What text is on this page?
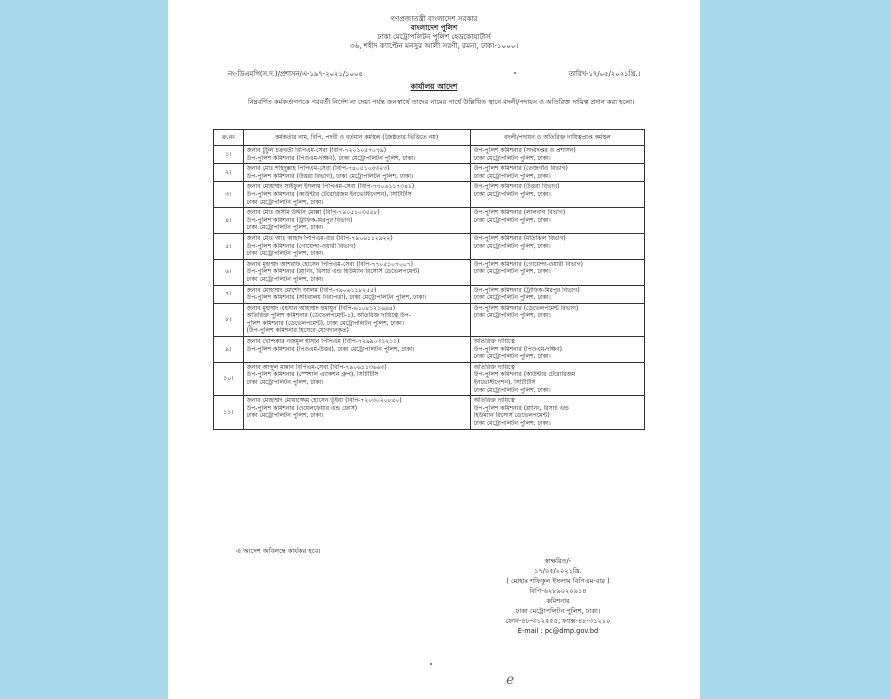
গণপ্রজাতন্ত্রী বাংলাদেশ সরকার
বাংলাদেশ পুলিশ
ঢাকা মেট্রোপলিটন পুলিশ হেডকোয়ার্টার্স
৩৬, শহীদ ক্যাপ্টেন মনসুর আলী সরণী, রমনা, ঢাকা-১০০০।
নং-ডিএমপি(স.দ.)/প্রশাসন/এ-১৯৭-২০২১/১০০৫	তারিখ-১৭/০৫/২০২১খ্রি.।
কার্যালয় আদেশ
নিম্নবর্ণিত কর্মকর্তাগণকে পরবর্তী নির্দেশ না দেয়া পর্যন্ত জনস্বার্থে তাদের নামের পার্শ্বে উল্লিখিত স্থানে বদলী/পদায়ন ও অতিরিক্ত দায়িত্ব প্রদান করা হলো।
ক্র.নং	কর্মকর্তার নাম, বিপি, পদবী ও বর্তমান কর্মস্থল (জৈষ্ঠতার ভিত্তিতে নয়)	বদলী/পদায়ন ও অতিরিক্ত দায়িত্বপ্রাপ্ত কর্মস্থল
১।	জনাব টুটুল চক্রবর্তী বিপিএম-সেবা (বিপি-৭২০১০৫৭০৭৯)
উপ-পুলিশ কমিশনার (পিওএম-দক্ষিণ), ঢাকা মেট্রোপলিটন পুলিশ, ঢাকা।	উপ-পুলিশ কমিশনার (সদরদপ্তর ও প্রশাসন)
ঢাকা মেট্রোপলিটন পুলিশ, ঢাকা।

২।	জনাব মোঃ শহিদুল্লাহ পিপিএম-সেবা (বিপি-৭৪০৫১০৩৩২৩)
উপ-পুলিশ কমিশনার (উত্তরা বিভাগ), ঢাকা মেট্রোপলিটন পুলিশ, ঢাকা।	উপ-পুলিশ কমিশনার (তেজগাঁও বিভাগ)
ঢাকা মেট্রোপলিটন পুলিশ, ঢাকা।

৩।	জনাব মোহাম্মদ সাইফুল ইসলাম পিপিএম-সেবা (বিপি-৭৭০৬১১৭৩৪১)
উপ-পুলিশ কমিশনার (কাউন্টার টেরোরিজম ইনভেস্টিগেশন), সিটিটিসি
ঢাকা মেট্রোপলিটন পুলিশ, ঢাকা।	উপ-পুলিশ কমিশনার (উত্তরা বিভাগ)
ঢাকা মেট্রোপলিটন পুলিশ, ঢাকা।

৪।	জনাব মোঃ জসীম উদ্দীন মোল্লা (বিপি-৭৯০৫১০৩৫৫৮)
উপ-পুলিশ কমিশনার (ট্রাফিক-মিরপুর বিভাগ)
ঢাকা মেট্রোপলিটন পুলিশ, ঢাকা।	উপ-পুলিশ কমিশনার (লালবাগ বিভাগ)
ঢাকা মেট্রোপলিটন পুলিশ, ঢাকা।

৫।	জনাব মোঃ আঃ আহাদ পিপিএম-বার (বিপি-৭৯০৬১১২৯২২)
উপ-পুলিশ কমিশনার (গোয়েন্দা-ওয়ারী বিভাগ)
ঢাকা মেট্রোপলিটন পুলিশ, ঢাকা।	উপ-পুলিশ কমিশনার (মতিঝিল বিভাগ)
ঢাকা মেট্রোপলিটন পুলিশ, ঢাকা।

৬।	জনাব মুহাম্মদ আশরাফ হোসেন পিপিএম-সেবা (বিপি-৭৭০৫১০৭০০৭)
উপ-পুলিশ কমিশনার (প্লানিং, রিসার্চ এন্ড হিউম্যান রিসোর্স ডেভেলপমেন্ট)
ঢাকা মেট্রোপলিটন পুলিশ, ঢাকা।	উপ-পুলিশ কমিশনার (গোয়েন্দা-ওয়ারী বিভাগ)
ঢাকা মেট্রোপলিটন পুলিশ, ঢাকা।

৭।	জনাব মোহাম্মদ মোর্শেদ আলম (বিপি-৭৯০৬১১৮২৫৫)
উপ-পুলিশ কমিশনার (সচিবালয় নিরাপত্তা), ঢাকা মেট্রোপলিটন পুলিশ, ঢাকা।	উপ-পুলিশ কমিশনার (ট্রাফিক-মিরপুর বিভাগ)
ঢাকা মেট্রোপলিটন পুলিশ, ঢাকা।

৮।	জনাব মুহাম্মদ এহসান আহাম্মদ হুমায়ুন (বিপি-৬১০৮১২১৬৯৪)
অতিরিক্ত পুলিশ কমিশনার (ডেভেলপমেন্ট-১), অতিরিক্ত দায়িত্বে উপ-
পুলিশ কমিশনার (ডেভেলপমেন্ট), ঢাকা মেট্রোপলিটন পুলিশ, ঢাকা।
(উপ-পুলিশ কমিশনার হিসেবে যোগদানকৃত)	উপ-পুলিশ কমিশনার (ডেভেলপমেন্ট বিভাগ)
ঢাকা মেট্রোপলিটন পুলিশ, ঢাকা।

৯।	জনাব খোন্দকার নজমুল হাসান পিপিএম (বিপি-৭২৯৯০৩১২১১)
উপ-পুলিশ কমিশনার (পিওএম-উত্তর), ঢাকা মেট্রোপলিটন পুলিশ, ঢাকা।	অতিরিক্ত দায়িত্বে
উপ-পুলিশ কমিশনার (পিওএম-দক্ষিণ)
ঢাকা মেট্রোপলিটন পুলিশ, ঢাকা।

১০।	জনাব আব্দুল মান্নান বিপিএম-সেবা (বিপি-৭৯০৬১১৩৬৬৩)
উপ-পুলিশ কমিশনার (স্পেশাল এ্যাকশন গ্রুপ), সিটিটিসি
ঢাকা মেট্রোপলিটন পুলিশ, ঢাকা।	অতিরিক্ত দায়িত্বে
উপ-পুলিশ কমিশনার (কাউন্টার টেরোরিজম
ইনভেস্টিগেশন), সিটিটিসি
ঢাকা মেট্রোপলিটন পুলিশ, ঢাকা।

১১।	জনাব মোহাম্মদ মোয়াজ্জেম হোসেন ভূঁইয়া (বিপি-৭২০৩০২০৮৫০)
উপ-পুলিশ কমিশনার (ওয়েলফেয়ার এন্ড ফোর্স)
ঢাকা মেট্রোপলিটন পুলিশ, ঢাকা।	অতিরিক্ত দায়িত্বে
উপ-পুলিশ কমিশনার (প্লানিং, রিসার্চ এন্ড
হিউম্যান রিসোর্স ডেভেলপমেন্ট)
ঢাকা মেট্রোপলিটন পুলিশ, ঢাকা।
এ আদেশ অবিলম্বে কার্যকর হবে।
স্বাক্ষরিত/-
১৭/০৫/২০২১খ্রি.
( মোহাঃ শফিকুল ইসলাম বিপিএম-বার )
বিপি-৬২৮৯০২০৯১৪
কমিশনার
ঢাকা মেট্রোপলিটন পুলিশ, ঢাকা।
ফোন-৪৮-৩১২৫৫৫, ফ্যাক্স-৪৮-৩১২১০
E-mail : pc@dmp.gov.bd
ℯ
